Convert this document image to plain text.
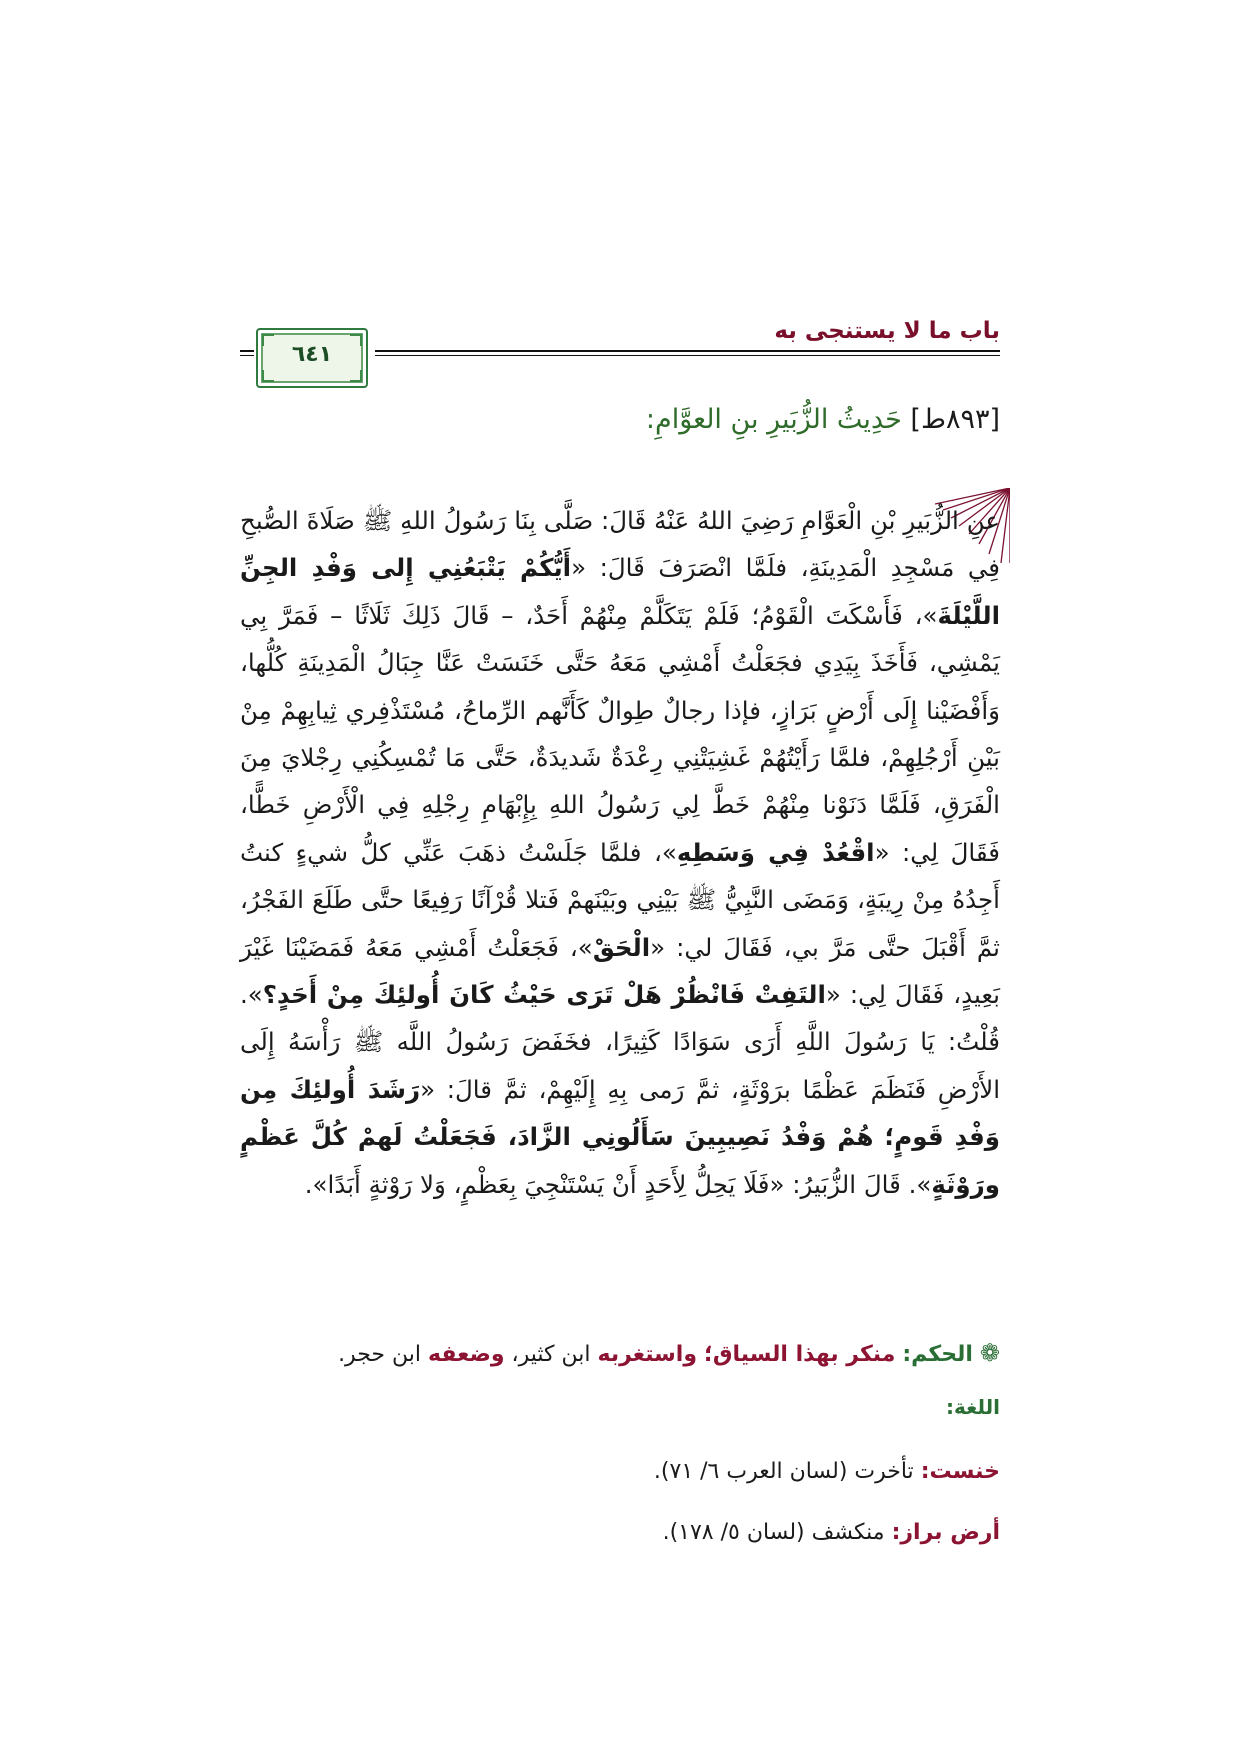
باب ما لا يستنجى به
٦٤١
[٨٩٣ط] حَدِيثُ الزُّبَيرِ بنِ العوَّامِ:
عنِ الزُّبَيرِ بْنِ الْعَوَّامِ رَضِيَ اللهُ عَنْهُ قَالَ: صَلَّى بِنَا رَسُولُ اللهِ ﷺ صَلَاةَ الصُّبحِ فِي مَسْجِدِ الْمَدِينَةِ، فلَمَّا انْصَرَفَ قَالَ: «أَيُّكُمْ يَتْبَعُنِي إِلى وَفْدِ الجِنِّ اللَّيْلَةَ»، فَأَسْكَتَ الْقَوْمُ؛ فَلَمْ يَتَكَلَّمْ مِنْهُمْ أَحَدٌ، – قَالَ ذَلِكَ ثَلَاثًا – فَمَرَّ بِي يَمْشِي، فَأَخَذَ بِيَدِي فجَعَلْتُ أَمْشِي مَعَهُ حَتَّى خَنَسَتْ عَنَّا جِبَالُ الْمَدِينَةِ كُلُّها، وَأَفْضَيْنا إِلَى أَرْضٍ بَرَازٍ، فإذا رجالٌ طِوالٌ كَأَنَّهم الرِّماحُ، مُسْتَذْفِري ثِيابِهِمْ مِنْ بَيْنِ أَرْجُلِهِمْ، فلمَّا رَأَيْتُهُمْ غَشِيَتْنِي رِعْدَةٌ شَديدَةٌ، حَتَّى مَا تُمْسِكُنِي رِجْلايَ مِنَ الْفَرَقِ، فَلَمَّا دَنَوْنا مِنْهُمْ خَطَّ لِي رَسُولُ اللهِ بِإِبْهَامِ رِجْلِهِ فِي الْأَرْضِ خَطًّا، فَقَالَ لِي: «اقْعُدْ فِي وَسَطِهِ»، فلمَّا جَلَسْتُ ذهَبَ عَنِّي كلُّ شيءٍ كنتُ أَجِدُهُ مِنْ رِيبَةٍ، وَمَضَى النَّبِيُّ ﷺ بَيْنِي وبَيْنَهمْ فَتلا قُرْآنًا رَفِيعًا حتَّى طَلَعَ الفَجْرُ، ثمَّ أَقْبَلَ حتَّى مَرَّ بي، فَقَالَ لي: «الْحَقْ»، فَجَعَلْتُ أَمْشِي مَعَهُ فَمَضَيْنَا غَيْرَ بَعِيدٍ، فَقَالَ لِي: «التَفِتْ فَانْظُرْ هَلْ تَرَى حَيْثُ كَانَ أُولئِكَ مِنْ أَحَدٍ؟». قُلْتُ: يَا رَسُولَ اللَّهِ أَرَى سَوَادًا كَثِيرًا، فخَفَضَ رَسُولُ اللَّه ﷺ رَأْسَهُ إِلَى الأَرْضِ فَنَظَمَ عَظْمًا برَوْثَةٍ، ثمَّ رَمى بِهِ إِلَيْهِمْ، ثمَّ قالَ: «رَشَدَ أُولئِكَ مِن وَفْدِ قَومٍ؛ هُمْ وَفْدُ نَصِيبِينَ سَأَلُونِي الزَّادَ، فَجَعَلْتُ لَهمْ كُلَّ عَظْمٍ ورَوْثَةٍ». قَالَ الزُّبَيرُ: «فَلَا يَحِلُّ لِأَحَدٍ أَنْ يَسْتَنْجِيَ بِعَظْمٍ، وَلا رَوْثةٍ أَبَدًا».
❁ الحكم: منكر بهذا السياق؛ واستغربه ابن كثير، وضعفه ابن حجر.
اللغة:
خنست: تأخرت (لسان العرب ٦/ ٧١).
أرض براز: منكشف (لسان ٥/ ١٧٨).
